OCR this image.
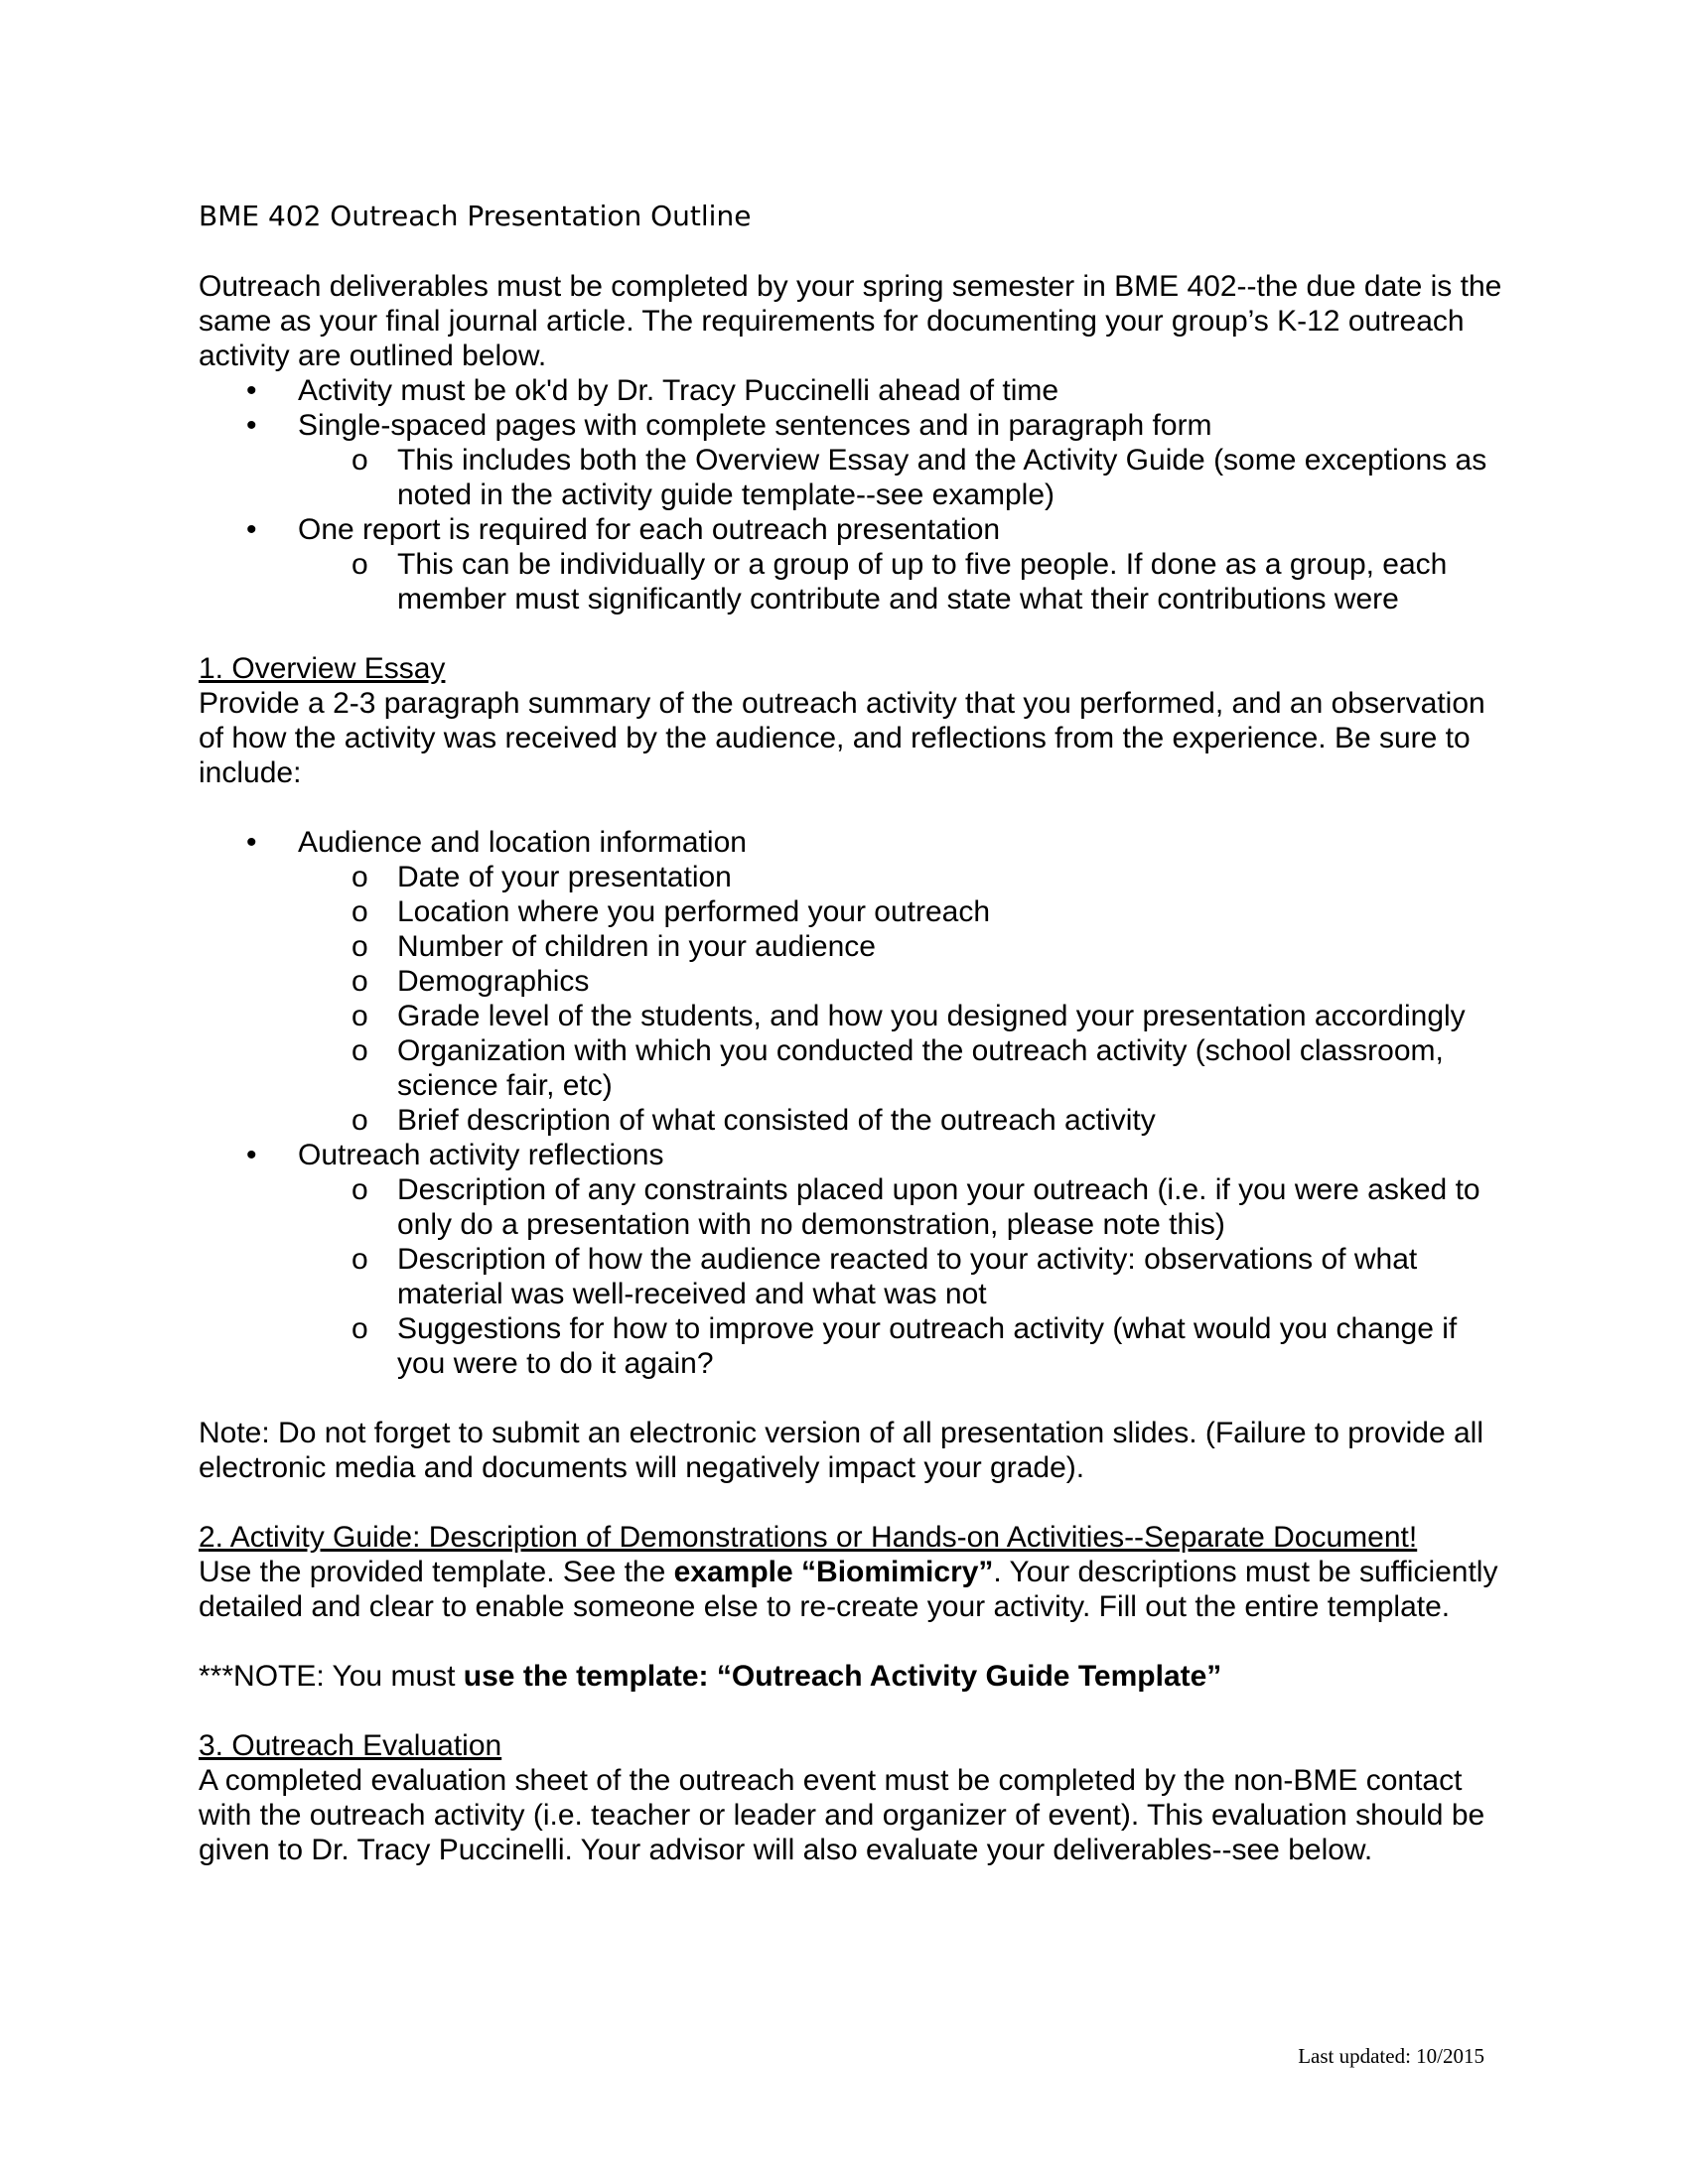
BME 402 Outreach Presentation Outline

Outreach deliverables must be completed by your spring semester in BME 402--the due date is the same as your final journal article. The requirements for documenting your group’s K-12 outreach activity are outlined below.

• Activity must be ok'd by Dr. Tracy Puccinelli ahead of time
• Single-spaced pages with complete sentences and in paragraph form
o This includes both the Overview Essay and the Activity Guide (some exceptions as noted in the activity guide template--see example)
• One report is required for each outreach presentation
o This can be individually or a group of up to five people. If done as a group, each member must significantly contribute and state what their contributions were

1. Overview Essay

Provide a 2-3 paragraph summary of the outreach activity that you performed, and an observation of how the activity was received by the audience, and reflections from the experience. Be sure to include:

• Audience and location information
o Date of your presentation
o Location where you performed your outreach
o Number of children in your audience
o Demographics
o Grade level of the students, and how you designed your presentation accordingly
o Organization with which you conducted the outreach activity (school classroom, science fair, etc)
o Brief description of what consisted of the outreach activity
• Outreach activity reflections
o Description of any constraints placed upon your outreach (i.e. if you were asked to only do a presentation with no demonstration, please note this)
o Description of how the audience reacted to your activity: observations of what material was well-received and what was not
o Suggestions for how to improve your outreach activity (what would you change if you were to do it again?

Note: Do not forget to submit an electronic version of all presentation slides. (Failure to provide all electronic media and documents will negatively impact your grade).

2. Activity Guide: Description of Demonstrations or Hands-on Activities--Separate Document!

Use the provided template. See the example “Biomimicry”. Your descriptions must be sufficiently detailed and clear to enable someone else to re-create your activity. Fill out the entire template.

***NOTE: You must use the template: “Outreach Activity Guide Template”

3. Outreach Evaluation

A completed evaluation sheet of the outreach event must be completed by the non-BME contact with the outreach activity (i.e. teacher or leader and organizer of event). This evaluation should be given to Dr. Tracy Puccinelli. Your advisor will also evaluate your deliverables--see below.

Last updated: 10/2015
